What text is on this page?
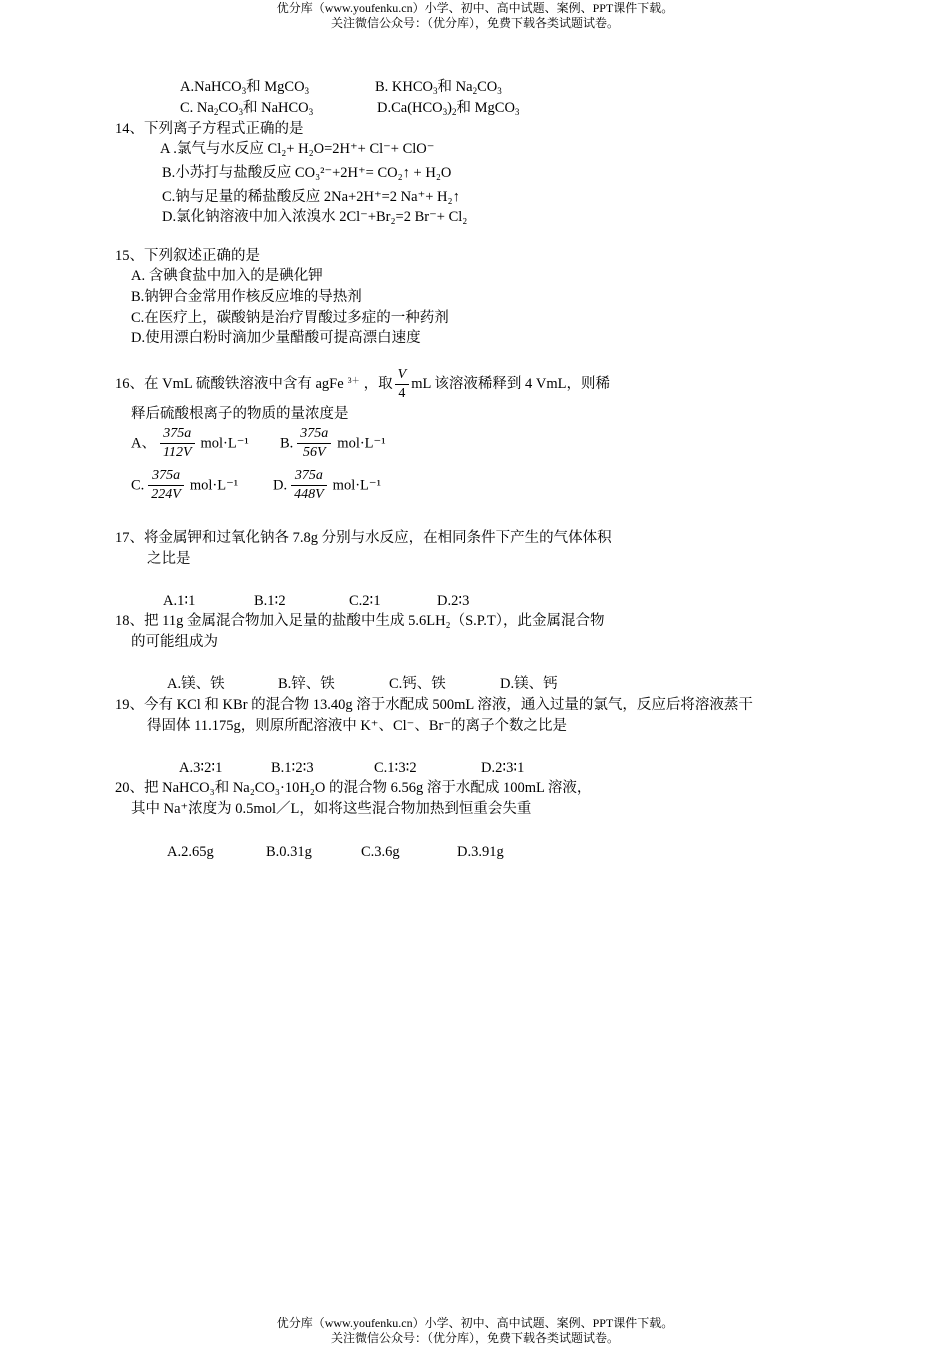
优分库（www.youfenku.cn）小学、初中、高中试题、案例、PPT课件下载。
关注微信公众号：（优分库），免费下载各类试题试卷。
A.NaHCO$_3$和 MgCO$_3$	B. $KHCO_3$和 $Na_2CO_3$
C. $Na_2CO_3$和 NaHCO$_3$	$D.Ca(HCO_3)_2$和 MgCO$_3$
14、下列离子方程式正确的是
A .氯气与水反应 Cl₂+ H₂O=2H⁺+ Cl⁻+ ClO⁻
B.小苏打与盐酸反应 CO₃²⁻+2H⁺= CO₂↑ + H₂O
C.钠与足量的稀盐酸反应 2Na+2H⁺=2 Na⁺+ H₂↑
D.氯化钠溶液中加入浓溴水 2Cl⁻+Br₂=2 Br⁻+ Cl₂
15、下列叙述正确的是
A. 含碘食盐中加入的是碘化钾
B.钠钾合金常用作核反应堆的导热剂
C.在医疗上，碳酸钠是治疗胃酸过多症的一种药剂
D.使用漂白粉时滴加少量醋酸可提高漂白速度
16、在 VmL 硫酸铁溶液中含有 agFe $^{3+}$ ，取 $\frac{V}{4}$ mL 该溶液稀释到 4 VmL，则稀
释后硫酸根离子的物质的量浓度是
A、 $\frac{375a}{112V} mol\cdot L^{-1}$ B. $\frac{375a}{56V} mol\cdot L^{-1}$
C. $\frac{375a}{224V} mol\cdot L^{-1}$ D. $\frac{375a}{448V} mol\cdot L^{-1}$
17、将金属钾和过氧化钠各 7.8g 分别与水反应，在相同条件下产生的气体体积
之比是
A.1∶1	B.1∶2	C.2∶1	D.2∶3
18、把 11g 金属混合物加入足量的盐酸中生成 5.6LH₂（S.P.T），此金属混合物
的可能组成为
A.镁、铁	B.锌、铁	C.钙、铁	D.镁、钙
19、今有 KCl 和 KBr 的混合物 13.40g 溶于水配成 500mL 溶液，通入过量的氯气，反应后将溶液蒸干
得固体 11.175g，则原所配溶液中 K⁺、Cl⁻、Br⁻的离子个数之比是
A.3∶2∶1	B.1∶2∶3	C.1∶3∶2	D.2∶3∶1
20、把 NaHCO₃和 Na₂CO₃·10H₂O 的混合物 6.56g 溶于水配成 100mL 溶液，
其中 Na⁺浓度为 0.5mol／L，如将这些混合物加热到恒重会失重
A.2.65g	B.0.31g	C.3.6g	D.3.91g
优分库（www.youfenku.cn）小学、初中、高中试题、案例、PPT课件下载。
关注微信公众号：（优分库），免费下载各类试题试卷。
